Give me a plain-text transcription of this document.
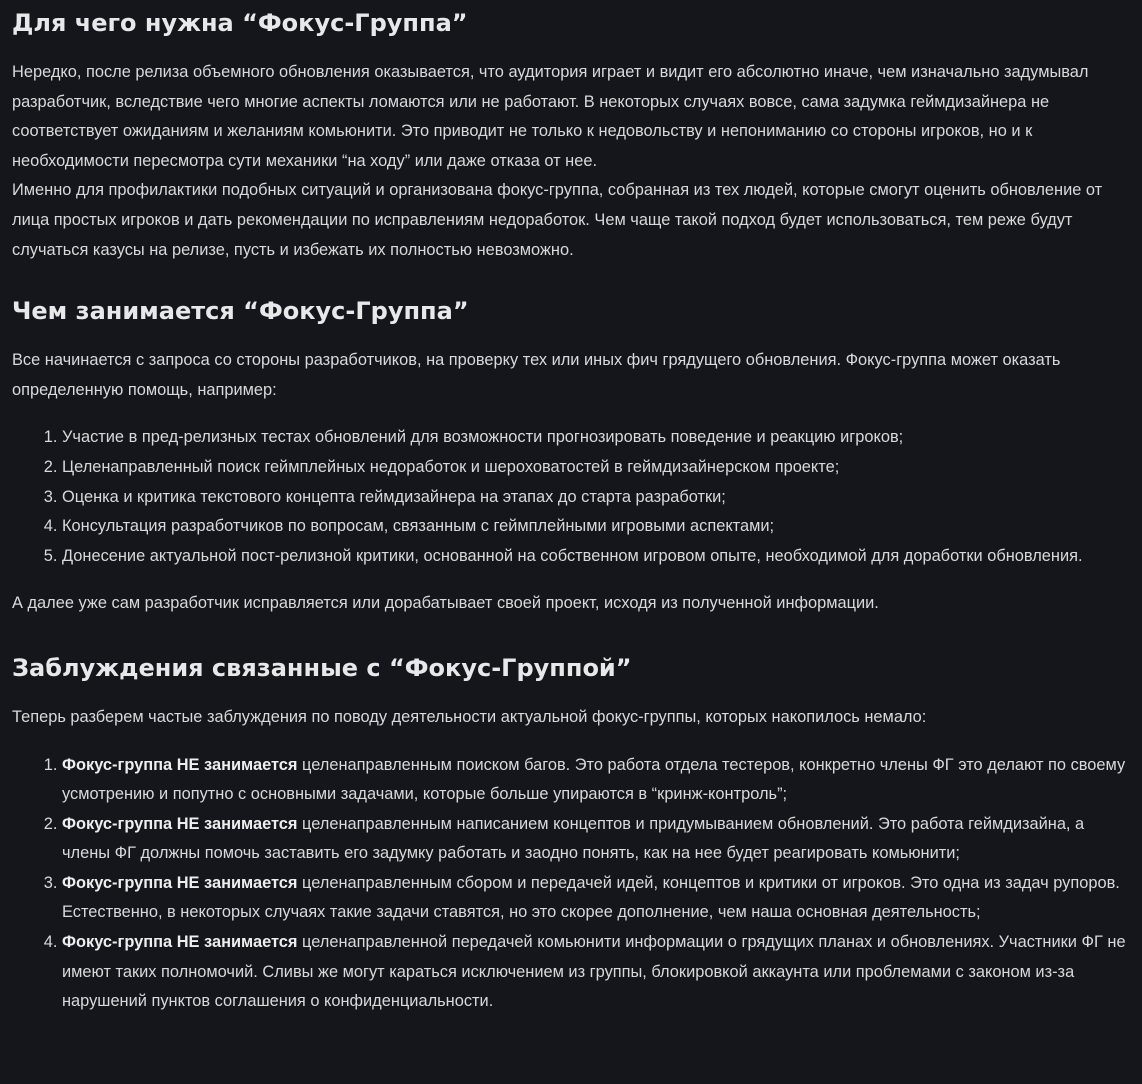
Для чего нужна “Фокус-Группа”

Нередко, после релиза объемного обновления оказывается, что аудитория играет и видит его абсолютно иначе, чем изначально задумывал разработчик, вследствие чего многие аспекты ломаются или не работают. В некоторых случаях вовсе, сама задумка геймдизайнера не соответствует ожиданиям и желаниям комьюнити. Это приводит не только к недовольству и непониманию со стороны игроков, но и к необходимости пересмотра сути механики “на ходу” или даже отказа от нее.

Именно для профилактики подобных ситуаций и организована фокус-группа, собранная из тех людей, которые смогут оценить обновление от лица простых игроков и дать рекомендации по исправлениям недоработок. Чем чаще такой подход будет использоваться, тем реже будут случаться казусы на релизе, пусть и избежать их полностью невозможно.

Чем занимается “Фокус-Группа”

Все начинается с запроса со стороны разработчиков, на проверку тех или иных фич грядущего обновления. Фокус-группа может оказать определенную помощь, например:

1. Участие в пред-релизных тестах обновлений для возможности прогнозировать поведение и реакцию игроков;
2. Целенаправленный поиск геймплейных недоработок и шероховатостей в геймдизайнерском проекте;
3. Оценка и критика текстового концепта геймдизайнера на этапах до старта разработки;
4. Консультация разработчиков по вопросам, связанным с геймплейными игровыми аспектами;
5. Донесение актуальной пост-релизной критики, основанной на собственном игровом опыте, необходимой для доработки обновления.

А далее уже сам разработчик исправляется или дорабатывает своей проект, исходя из полученной информации.

Заблуждения связанные с “Фокус-Группой”

Теперь разберем частые заблуждения по поводу деятельности актуальной фокус-группы, которых накопилось немало:

1. Фокус-группа НЕ занимается целенаправленным поиском багов. Это работа отдела тестеров, конкретно члены ФГ это делают по своему усмотрению и попутно с основными задачами, которые больше упираются в “кринж-контроль”;
2. Фокус-группа НЕ занимается целенаправленным написанием концептов и придумыванием обновлений. Это работа геймдизайна, а члены ФГ должны помочь заставить его задумку работать и заодно понять, как на нее будет реагировать комьюнити;
3. Фокус-группа НЕ занимается целенаправленным сбором и передачей идей, концептов и критики от игроков. Это одна из задач рупоров. Естественно, в некоторых случаях такие задачи ставятся, но это скорее дополнение, чем наша основная деятельность;
4. Фокус-группа НЕ занимается целенаправленной передачей комьюнити информации о грядущих планах и обновлениях. Участники ФГ не имеют таких полномочий. Сливы же могут караться исключением из группы, блокировкой аккаунта или проблемами с законом из-за нарушений пунктов соглашения о конфиденциальности.
